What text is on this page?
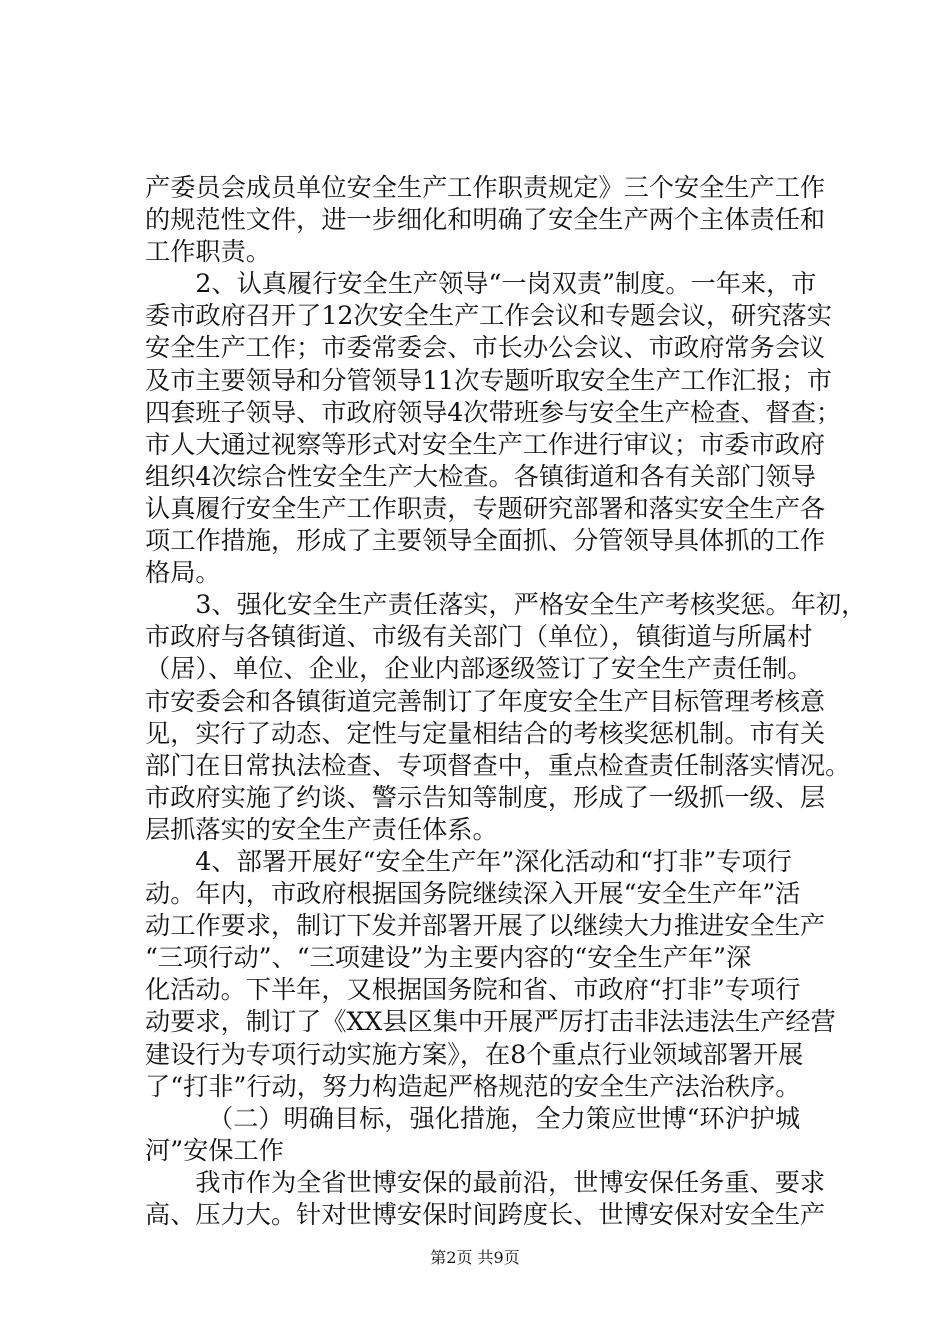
产委员会成员单位安全生产工作职责规定》三个安全生产工作
的规范性文件，进一步细化和明确了安全生产两个主体责任和
工作职责。
　　2、认真履行安全生产领导“一岗双责”制度。一年来，市
委市政府召开了12次安全生产工作会议和专题会议，研究落实
安全生产工作；市委常委会、市长办公会议、市政府常务会议
及市主要领导和分管领导11次专题听取安全生产工作汇报；市
四套班子领导、市政府领导4次带班参与安全生产检查、督查；
市人大通过视察等形式对安全生产工作进行审议；市委市政府
组织4次综合性安全生产大检查。各镇街道和各有关部门领导
认真履行安全生产工作职责，专题研究部署和落实安全生产各
项工作措施，形成了主要领导全面抓、分管领导具体抓的工作
格局。
　　3、强化安全生产责任落实，严格安全生产考核奖惩。年初，
市政府与各镇街道、市级有关部门（单位），镇街道与所属村
（居）、单位、企业，企业内部逐级签订了安全生产责任制。
市安委会和各镇街道完善制订了年度安全生产目标管理考核意
见，实行了动态、定性与定量相结合的考核奖惩机制。市有关
部门在日常执法检查、专项督查中，重点检查责任制落实情况。
市政府实施了约谈、警示告知等制度，形成了一级抓一级、层
层抓落实的安全生产责任体系。
　　4、部署开展好“安全生产年”深化活动和“打非”专项行
动。年内，市政府根据国务院继续深入开展“安全生产年”活
动工作要求，制订下发并部署开展了以继续大力推进安全生产
“三项行动”、“三项建设”为主要内容的“安全生产年”深
化活动。下半年，又根据国务院和省、市政府“打非”专项行
动要求，制订了《XX县区集中开展严厉打击非法违法生产经营
建设行为专项行动实施方案》，在8个重点行业领域部署开展
了“打非”行动，努力构造起严格规范的安全生产法治秩序。
　　　（二）明确目标，强化措施，全力策应世博“环沪护城
河”安保工作
　　我市作为全省世博安保的最前沿，世博安保任务重、要求
高、压力大。针对世博安保时间跨度长、世博安保对安全生产
第2页 共9页
